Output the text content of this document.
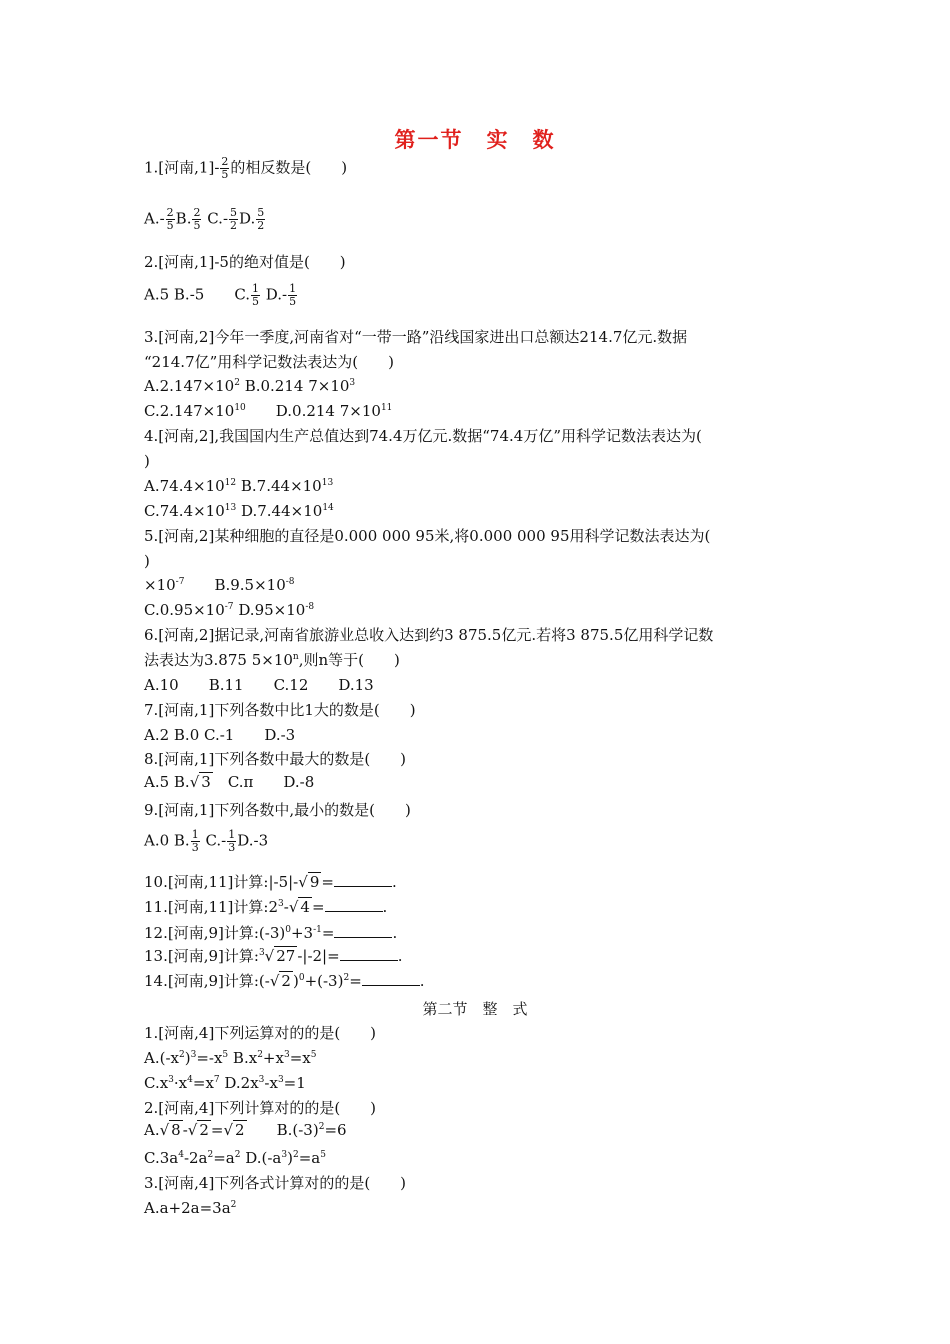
第一节　实　数
1.[河南$,1]- \frac{2}{5}$ 的相反数是(　　)
$A.- \frac{2}{5} B$. $\frac{2}{5} C.- \frac{5}{2} D$. $\frac{5}{2}$
2.[河南,1]-5的绝对值是(　　)
A.5 B.-5　　C. $\frac{1}{5} D.- \frac{1}{5}$
3.[河南,2]今年一季度,河南省对“一带一路”沿线国家进出口总额达214.7亿元.数据
“214.7亿”用科学记数法表达为(　　)
$A.2.147\times 10^2$ B.0.214 $7\times 10^3$
$C.2.147\times 10^{10}$　　D.0.214 $7\times 10^{11}$
4.[河南,2],我国国内生产总值达到74.4万亿元.数据“74.4万亿”用科学记数法表达为(
)
$A.74.4\times 10^{12}$ $B.7.44\times 10^{13}$
$C.74.4\times 10^{13}$ $D.7.44\times 10^{14}$
5.[河南,2]某种细胞的直径是0.000 000 95米,将0.000 000 95用科学记数法表达为(
)
$\times 10^{-7}$　　$B.9.5\times 10^{-8}$
$C.0.95\times 10^{-7}$ $D.95\times 10^{-8}$
6.[河南,2]据记录,河南省旅游业总收入达到约3 875.5亿元.若将3 875.5亿用科学记数
法表达为3.875 $5\times 10^n$,则n等于(　　)
A.10　　B.11　　C.12　　D.13
7.[河南,1]下列各数中比1大的数是(　　)
A.2 B.0 C.-1　　D.-3
8.[河南,1]下列各数中最大的数是(　　)
A.5 B.√ 3　C.π　　D.-8
9.[河南,1]下列各数中,最小的数是(　　)
A.0 B. $\frac{1}{3} C.- \frac{1}{3} D.-3$
10.[河南,11]计算:|-5|-√ 9 =	.
11.[河南,11]计算$:2^3-√$ 4 =	.
12.[河南,9]计算$:(-3)^0+3^{-1}=$	.
13.[河南,9]计算:$^3$√ 27 -|-2|=	.
14.[河南,9]计算:(-√ 2 )$^0+(-3)^2=$	.
第二节　整　式
1.[河南,4]下列运算对的的是(　　)
$A.(-x^2)^3=-x^5$ $B.x^2+x^3=x^5$
$C.x^3\cdot x^4=x^7$ $D.2x^3-x^3=1$
2.[河南,4]下列计算对的的是(　　)
A.√ 8 -√ 2 =√ 2　　$B.(-3)^2=6$
$C.3a^4-2a^2=a^2$ $D.(-a^3)^2=a^5$
3.[河南,4]下列各式计算对的的是(　　)
$A.a+2a=3a^2$
